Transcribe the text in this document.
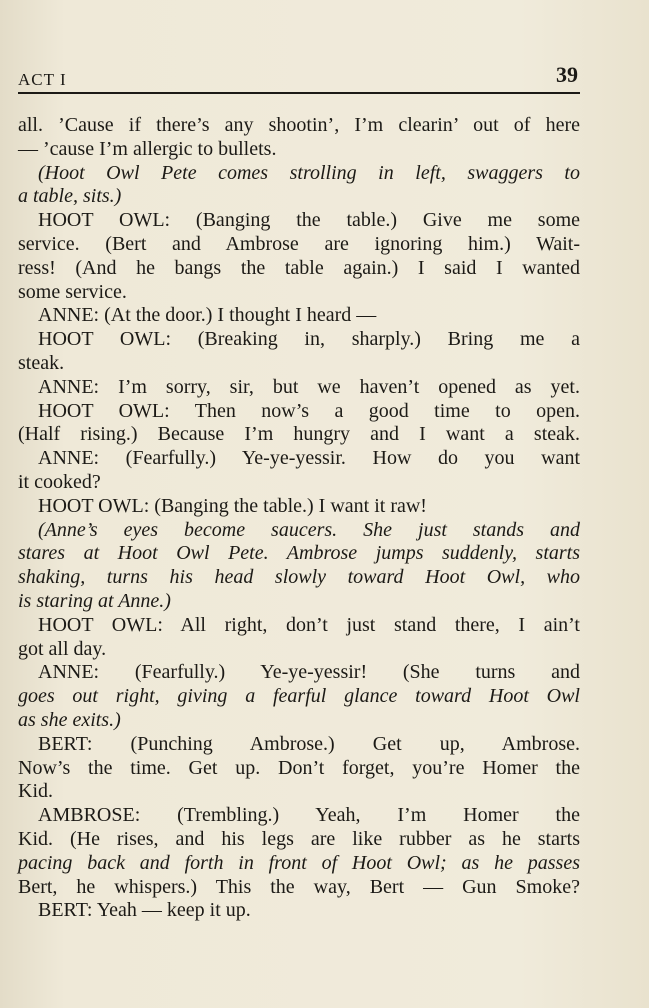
ACT I	39
all. ’Cause if there’s any shootin’, I’m clearin’ out of here
— ’cause I’m allergic to bullets.
(Hoot Owl Pete comes strolling in left, swaggers to
a table, sits.)
HOOT OWL: (Banging the table.) Give me some
service. (Bert and Ambrose are ignoring him.) Wait-
ress! (And he bangs the table again.) I said I wanted
some service.
ANNE: (At the door.) I thought I heard —
HOOT OWL: (Breaking in, sharply.) Bring me a
steak.
ANNE: I’m sorry, sir, but we haven’t opened as yet.
HOOT OWL: Then now’s a good time to open.
(Half rising.) Because I’m hungry and I want a steak.
ANNE: (Fearfully.) Ye-ye-yessir. How do you want
it cooked?
HOOT OWL: (Banging the table.) I want it raw!
(Anne’s eyes become saucers. She just stands and
stares at Hoot Owl Pete. Ambrose jumps suddenly, starts
shaking, turns his head slowly toward Hoot Owl, who
is staring at Anne.)
HOOT OWL: All right, don’t just stand there, I ain’t
got all day.
ANNE: (Fearfully.) Ye-ye-yessir! (She turns and
goes out right, giving a fearful glance toward Hoot Owl
as she exits.)
BERT: (Punching Ambrose.) Get up, Ambrose.
Now’s the time. Get up. Don’t forget, you’re Homer the
Kid.
AMBROSE: (Trembling.) Yeah, I’m Homer the
Kid. (He rises, and his legs are like rubber as he starts
pacing back and forth in front of Hoot Owl; as he passes
Bert, he whispers.) This the way, Bert — Gun Smoke?
BERT: Yeah — keep it up.
